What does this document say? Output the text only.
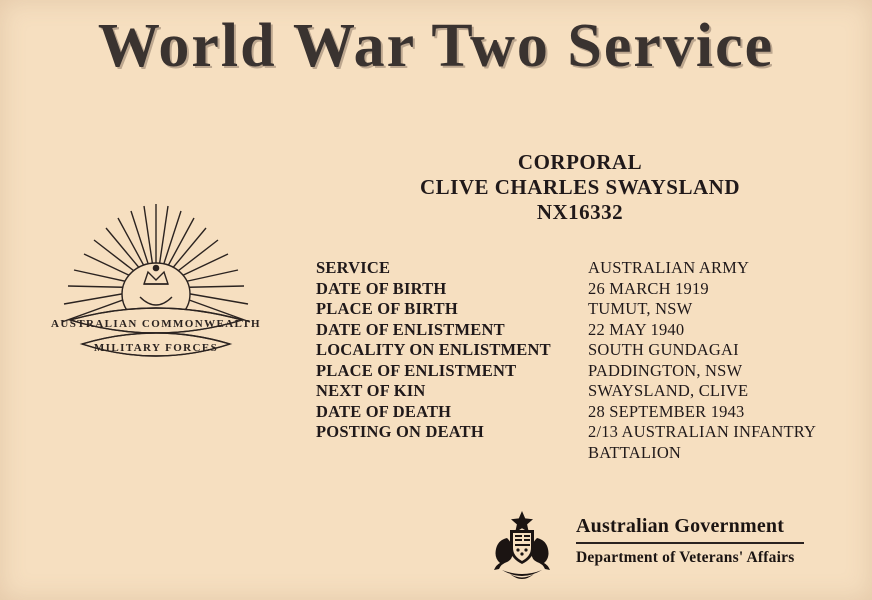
World War Two Service
AUSTRALIAN COMMONWEALTH
MILITARY FORCES
CORPORAL
CLIVE CHARLES SWAYSLAND
NX16332
SERVICE	AUSTRALIAN ARMY
DATE OF BIRTH	26 MARCH 1919
PLACE OF BIRTH	TUMUT, NSW
DATE OF ENLISTMENT	22 MAY 1940
LOCALITY ON ENLISTMENT	SOUTH GUNDAGAI
PLACE OF ENLISTMENT	PADDINGTON, NSW
NEXT OF KIN	SWAYSLAND, CLIVE
DATE OF DEATH	28 SEPTEMBER 1943
POSTING ON DEATH	2/13 AUSTRALIAN INFANTRY BATTALION
Australian Government
Department of Veterans' Affairs
